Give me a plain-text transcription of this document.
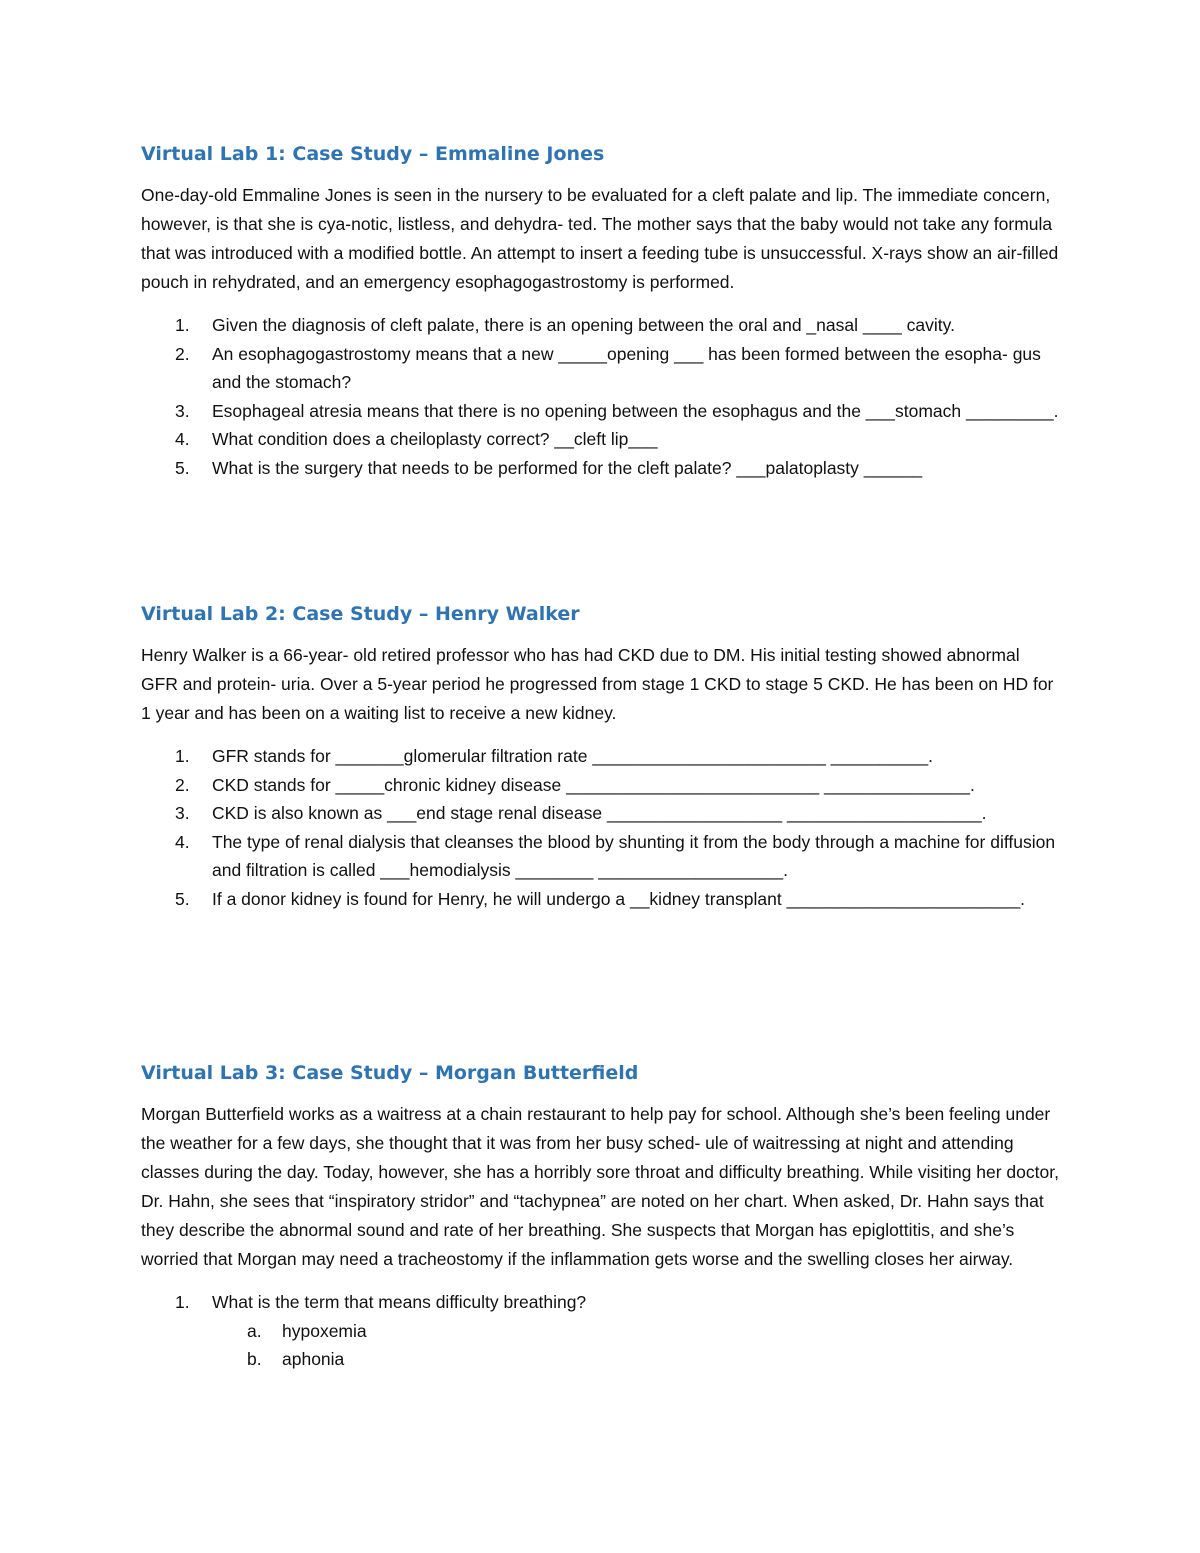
Virtual Lab 1: Case Study – Emmaline Jones

One-day-old Emmaline Jones is seen in the nursery to be evaluated for a cleft palate and lip. The immediate concern, however, is that she is cya-notic, listless, and dehydra- ted. The mother says that the baby would not take any formula that was introduced with a modified bottle. An attempt to insert a feeding tube is unsuccessful. X-rays show an air-filled pouch in rehydrated, and an emergency esophagogastrostomy is performed.

1. Given the diagnosis of cleft palate, there is an opening between the oral and _nasal ____ cavity.
2. An esophagogastrostomy means that a new _____opening ___ has been formed between the esopha- gus and the stomach?
3. Esophageal atresia means that there is no opening between the esophagus and the ___stomach _________.
4. What condition does a cheiloplasty correct? __cleft lip___
5. What is the surgery that needs to be performed for the cleft palate? ___palatoplasty ______
Virtual Lab 2: Case Study – Henry Walker

Henry Walker is a 66-year- old retired professor who has had CKD due to DM. His initial testing showed abnormal GFR and protein- uria. Over a 5-year period he progressed from stage 1 CKD to stage 5 CKD. He has been on HD for 1 year and has been on a waiting list to receive a new kidney.

1. GFR stands for _______glomerular filtration rate ________________________ __________.
2. CKD stands for _____chronic kidney disease __________________________ _______________.
3. CKD is also known as ___end stage renal disease __________________ ____________________.
4. The type of renal dialysis that cleanses the blood by shunting it from the body through a machine for diffusion and filtration is called ___hemodialysis ________ ___________________.
5. If a donor kidney is found for Henry, he will undergo a __kidney transplant ________________________.
Virtual Lab 3: Case Study – Morgan Butterfield

Morgan Butterfield works as a waitress at a chain restaurant to help pay for school. Although she’s been feeling under the weather for a few days, she thought that it was from her busy sched- ule of waitressing at night and attending classes during the day. Today, however, she has a horribly sore throat and difficulty breathing. While visiting her doctor, Dr. Hahn, she sees that “inspiratory stridor” and “tachypnea” are noted on her chart. When asked, Dr. Hahn says that they describe the abnormal sound and rate of her breathing. She suspects that Morgan has epiglottitis, and she’s worried that Morgan may need a tracheostomy if the inflammation gets worse and the swelling closes her airway.

1. What is the term that means difficulty breathing?
a. hypoxemia
b. aphonia
